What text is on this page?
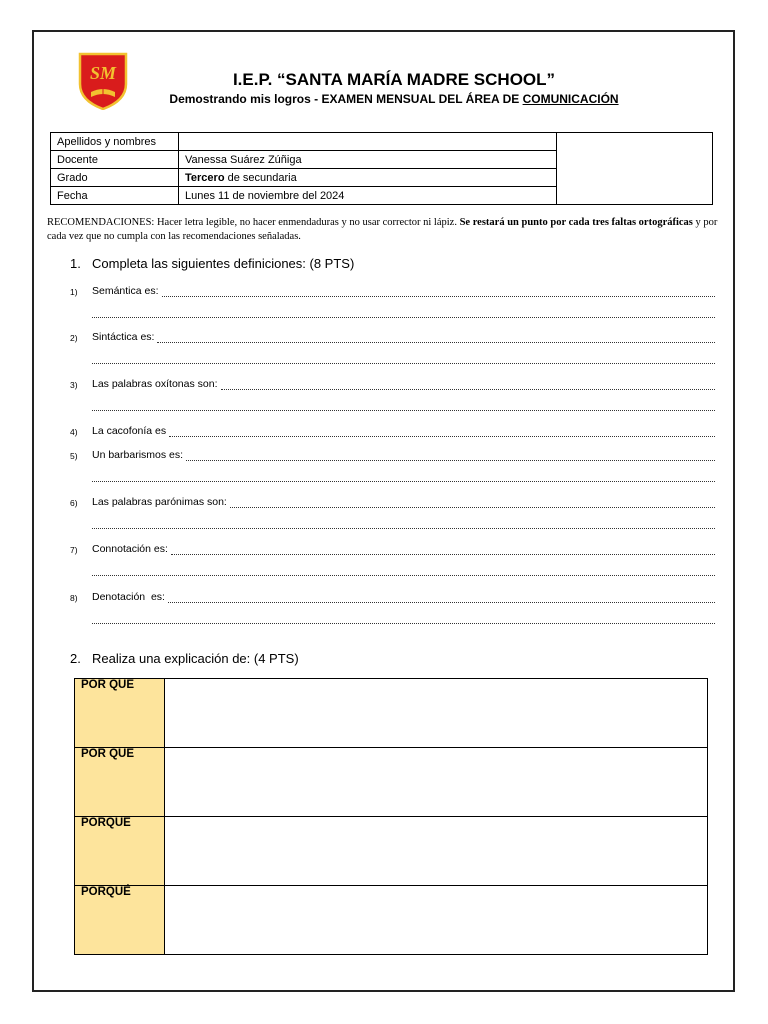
SM	I.E.P. “SANTA MARÍA MADRE SCHOOL”
Demostrando mis logros - EXAMEN MENSUAL DEL ÁREA DE COMUNICACIÓN
Apellidos y nombres		
Docente	Vanessa Suárez Zúñiga	
Grado	Tercero de secundaria	
Fecha	Lunes 11 de noviembre del 2024	
RECOMENDACIONES: Hacer letra legible, no hacer enmendaduras y no usar corrector ni lápiz. Se restará un punto por cada tres faltas ortográficas y por cada vez que no cumpla con las recomendaciones señaladas.
1. Completa las siguientes definiciones: (8 PTS)
1) Semántica es:
2) Sintáctica es:
3) Las palabras oxítonas son:
4) La cacofonía es
5) Un barbarismos es:
6) Las palabras parónimas son:
7) Connotación es:
8) Denotación  es:
2. Realiza una explicación de: (4 PTS)
POR QUE	
POR QUE	
PORQUE	
PORQUÉ	
